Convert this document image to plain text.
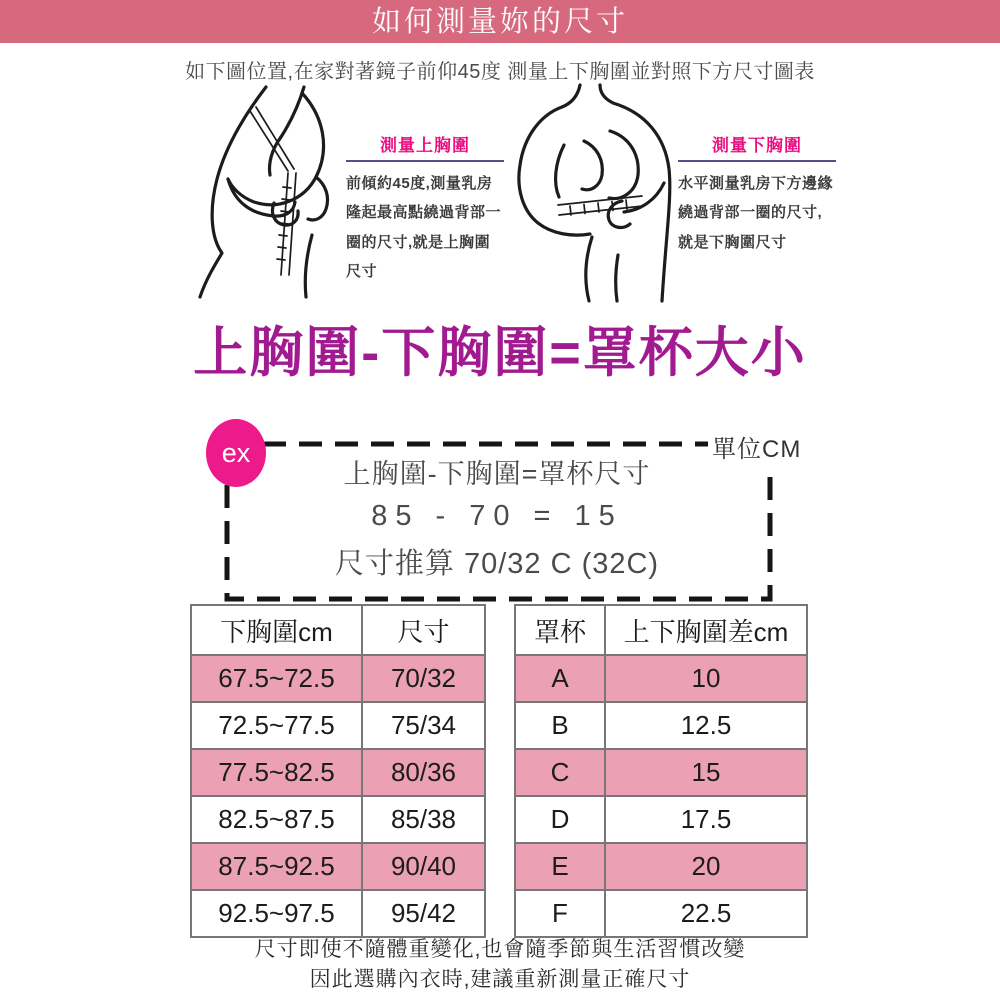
如何測量妳的尺寸
如下圖位置,在家對著鏡子前仰45度 測量上下胸圍並對照下方尺寸圖表
測量上胸圍
前傾約45度,測量乳房隆起最高點繞過背部一圈的尺寸,就是上胸圍尺寸
測量下胸圍
水平測量乳房下方邊緣繞過背部一圈的尺寸,就是下胸圍尺寸
上胸圍-下胸圍=罩杯大小
ex	單位CM
上胸圍-下胸圍=罩杯尺寸
85 - 70 = 15
尺寸推算 70/32 C (32C)
下胸圍cm	尺寸
67.5~72.5	70/32
72.5~77.5	75/34
77.5~82.5	80/36
82.5~87.5	85/38
87.5~92.5	90/40
92.5~97.5	95/42
罩杯	上下胸圍差cm
A	10
B	12.5
C	15
D	17.5
E	20
F	22.5
尺寸即使不隨體重變化,也會隨季節與生活習慣改變
因此選購內衣時,建議重新測量正確尺寸
